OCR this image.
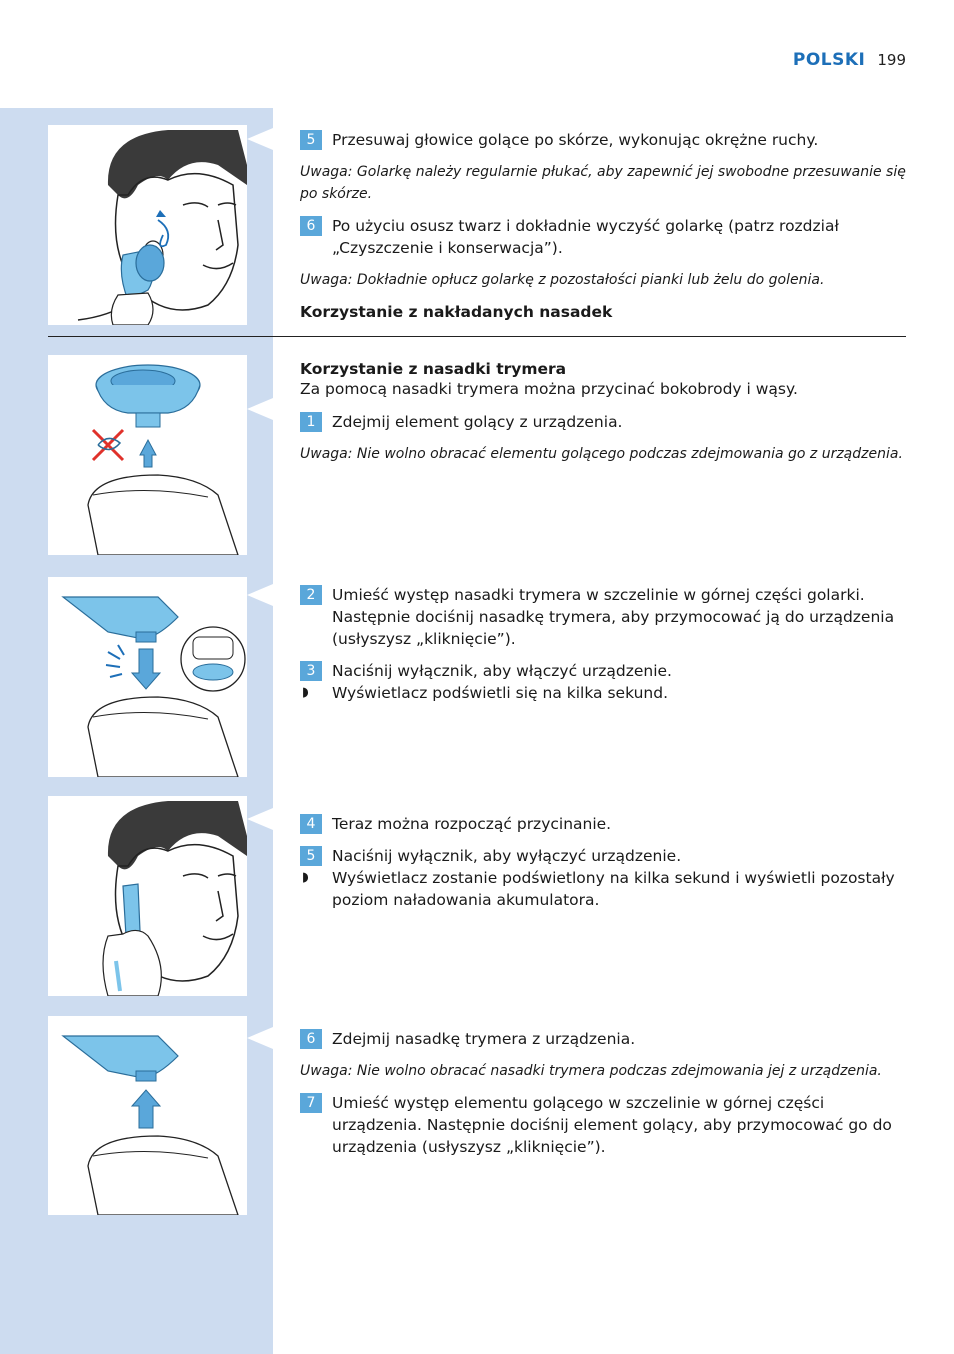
POLSKI 199
5	Przesuwaj głowice golące po skórze, wykonując okrężne ruchy.
Uwaga: Golarkę należy regularnie płukać, aby zapewnić jej swobodne przesuwanie się po skórze.
6	Po użyciu osusz twarz i dokładnie wyczyść golarkę (patrz rozdział „Czyszczenie i konserwacja”).
Uwaga: Dokładnie opłucz golarkę z pozostałości pianki lub żelu do golenia.
Korzystanie z nakładanych nasadek

Korzystanie z nasadki trymera

Za pomocą nasadki trymera można przycinać bokobrody i wąsy.

1	Zdejmij element golący z urządzenia.
Uwaga: Nie wolno obracać elementu golącego podczas zdejmowania go z urządzenia.
2	Umieść występ nasadki trymera w szczelinie w górnej części golarki. Następnie dociśnij nasadkę trymera, aby przymocować ją do urządzenia (usłyszysz „kliknięcie”).
3	Naciśnij wyłącznik, aby włączyć urządzenie.
◗ Wyświetlacz podświetli się na kilka sekund.
4	Teraz można rozpocząć przycinanie.
5	Naciśnij wyłącznik, aby wyłączyć urządzenie.
◗ Wyświetlacz zostanie podświetlony na kilka sekund i wyświetli pozostały poziom naładowania akumulatora.
6	Zdejmij nasadkę trymera z urządzenia.
Uwaga: Nie wolno obracać nasadki trymera podczas zdejmowania jej z urządzenia.
7	Umieść występ elementu golącego w szczelinie w górnej części urządzenia. Następnie dociśnij element golący, aby przymocować go do urządzenia (usłyszysz „kliknięcie”).
